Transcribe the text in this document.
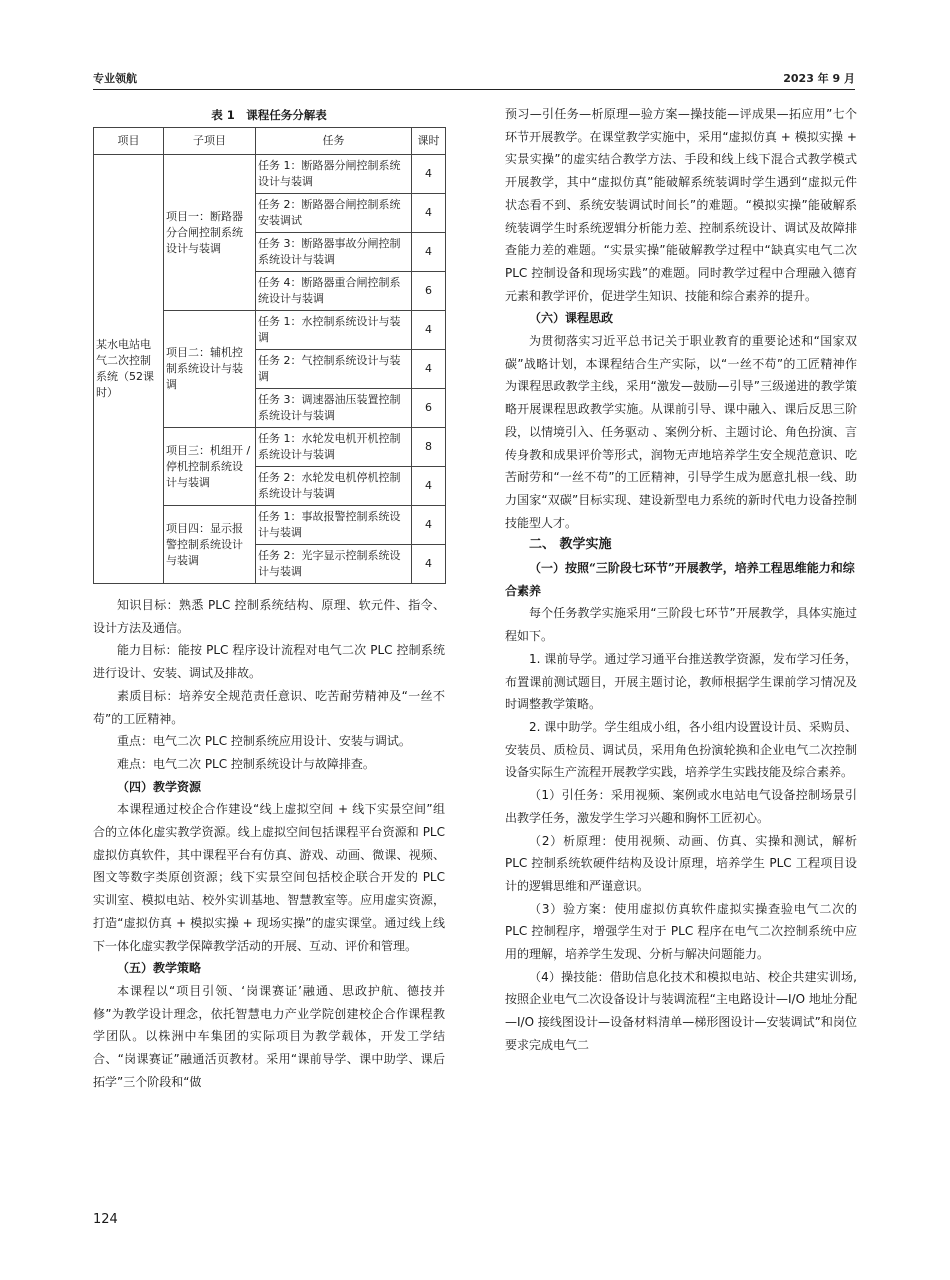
专业领航	2023 年 9 月
表 1　课程任务分解表
项目	子项目	任务	课时
某水电站电气二次控制系统（52课时）	项目一：断路器分合闸控制系统设计与装调	任务 1：断路器分闸控制系统设计与装调	4
		任务 2：断路器合闸控制系统安装调试	4
		任务 3：断路器事故分闸控制系统设计与装调	4
		任务 4：断路器重合闸控制系统设计与装调	6
	项目二：辅机控制系统设计与装调	任务 1：水控制系统设计与装调	4
		任务 2：气控制系统设计与装调	4
		任务 3：调速器油压装置控制系统设计与装调	6
	项目三：机组开 / 停机控制系统设计与装调	任务 1：水轮发电机开机控制系统设计与装调	8
		任务 2：水轮发电机停机控制系统设计与装调	4
	项目四：显示报警控制系统设计与装调	任务 1：事故报警控制系统设计与装调	4
		任务 2：光字显示控制系统设计与装调	4

知识目标：熟悉 PLC 控制系统结构、原理、软元件、指令、设计方法及通信。

能力目标：能按 PLC 程序设计流程对电气二次 PLC 控制系统进行设计、安装、调试及排故。

素质目标：培养安全规范责任意识、吃苦耐劳精神及“一丝不苟”的工匠精神。

重点：电气二次 PLC 控制系统应用设计、安装与调试。

难点：电气二次 PLC 控制系统设计与故障排查。

（四）教学资源

本课程通过校企合作建设“线上虚拟空间 + 线下实景空间”组合的立体化虚实教学资源。线上虚拟空间包括课程平台资源和 PLC 虚拟仿真软件，其中课程平台有仿真、游戏、动画、微课、视频、图文等数字类原创资源；线下实景空间包括校企联合开发的 PLC 实训室、模拟电站、校外实训基地、智慧教室等。应用虚实资源，打造“虚拟仿真 + 模拟实操 + 现场实操”的虚实课堂。通过线上线下一体化虚实教学保障教学活动的开展、互动、评价和管理。

（五）教学策略

本课程以“项目引领、‘岗课赛证’融通、思政护航、德技并修”为教学设计理念，依托智慧电力产业学院创建校企合作课程教学团队。以株洲中车集团的实际项目为教学载体，开发工学结合、“岗课赛证”融通活页教材。采用“课前导学、课中助学、课后拓学”三个阶段和“做

预习—引任务—析原理—验方案—操技能—评成果—拓应用”七个环节开展教学。在课堂教学实施中，采用“虚拟仿真 + 模拟实操 + 实景实操”的虚实结合教学方法、手段和线上线下混合式教学模式开展教学，其中“虚拟仿真”能破解系统装调时学生遇到“虚拟元件状态看不到、系统安装调试时间长”的难题。“模拟实操”能破解系统装调学生时系统逻辑分析能力差、控制系统设计、调试及故障排查能力差的难题。“实景实操”能破解教学过程中“缺真实电气二次 PLC 控制设备和现场实践”的难题。同时教学过程中合理融入德育元素和教学评价，促进学生知识、技能和综合素养的提升。

（六）课程思政

为贯彻落实习近平总书记关于职业教育的重要论述和“国家双碳”战略计划，本课程结合生产实际，以“一丝不苟”的工匠精神作为课程思政教学主线，采用“激发—鼓励—引导”三级递进的教学策略开展课程思政教学实施。从课前引导、课中融入、课后反思三阶段，以情境引入、任务驱动 、案例分析、主题讨论、角色扮演、言传身教和成果评价等形式，润物无声地培养学生安全规范意识、吃苦耐劳和“一丝不苟”的工匠精神，引导学生成为愿意扎根一线、助力国家“双碳”目标实现、建设新型电力系统的新时代电力设备控制技能型人才。

二、 教学实施

（一）按照“三阶段七环节”开展教学，培养工程思维能力和综合素养

每个任务教学实施采用“三阶段七环节”开展教学，具体实施过程如下。

1. 课前导学。通过学习通平台推送教学资源，发布学习任务，布置课前测试题目，开展主题讨论，教师根据学生课前学习情况及时调整教学策略。

2. 课中助学。学生组成小组，各小组内设置设计员、采购员、安装员、质检员、调试员，采用角色扮演轮换和企业电气二次控制设备实际生产流程开展教学实践，培养学生实践技能及综合素养。

（1）引任务：采用视频、案例或水电站电气设备控制场景引出教学任务，激发学生学习兴趣和胸怀工匠初心。

（2）析原理：使用视频、动画、仿真、实操和测试，解析 PLC 控制系统软硬件结构及设计原理，培养学生 PLC 工程项目设计的逻辑思维和严谨意识。

（3）验方案：使用虚拟仿真软件虚拟实操查验电气二次的 PLC 控制程序，增强学生对于 PLC 程序在电气二次控制系统中应用的理解，培养学生发现、分析与解决问题能力。

（4）操技能：借助信息化技术和模拟电站、校企共建实训场,按照企业电气二次设备设计与装调流程“主电路设计—I/O 地址分配—I/O 接线图设计—设备材料清单—梯形图设计—安装调试”和岗位要求完成电气二

124
